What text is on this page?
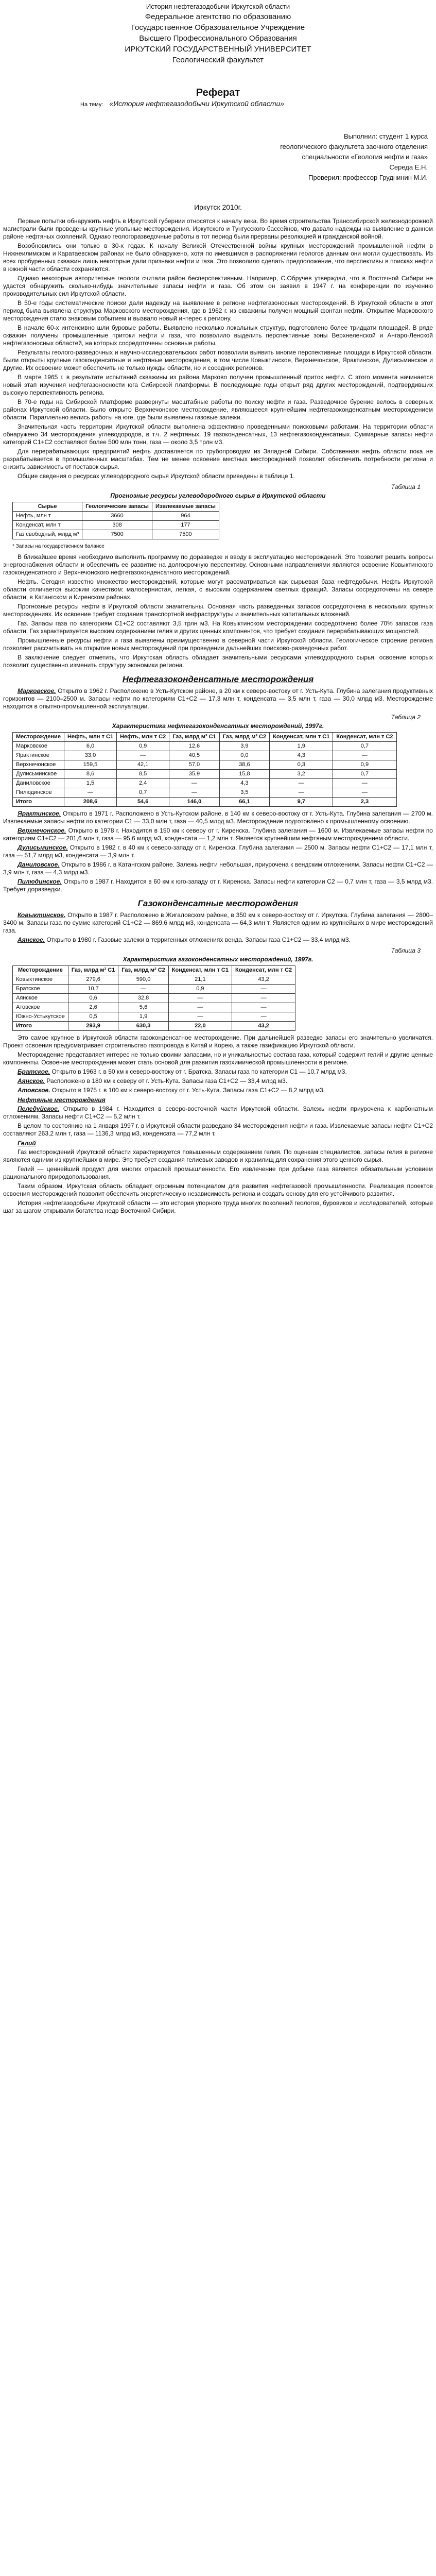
История нефтегазодобычи Иркутской области
Федеральное агентство по образованию
Государственное Образовательное Учреждение
Высшего Профессионального Образования
ИРКУТСКИЙ ГОСУДАРСТВЕННЫЙ УНИВЕРСИТЕТ
Геологический факультет
Реферат
На тему: «История нефтегазодобычи Иркутской области»
Выполнил: студент 1 курса
геологического факультета заочного отделения
специальности «Геология нефти и газа»
Середа Е.Н.
Проверил: профессор Груднинин М.И.
Иркутск 2010г.

Первые попытки обнаружить нефть в Иркутской губернии относятся к началу века. Во время строительства Транссибирской железнодорожной магистрали были проведены крупные угольные месторождения. Иркутского и Тунгусского бассейнов, что давало надежды на выявление в данном районе нефтяных скоплений. Однако геологоразведочные работы в тот период были прерваны революцией и гражданской войной.

Возобновились они только в 30-х годах. К началу Великой Отечественной войны крупных месторождений промышленной нефти в Нижнеилимском и Каратаевском районах не было обнаружено, хотя по имевшимся в распоряжении геологов данным они могли существовать. Из всех пробуренных скважин лишь некоторые дали признаки нефти и газа. Это позволило сделать предположение, что перспективы в поисках нефти в южной части области сохраняются.

Однако некоторые авторитетные геологи считали район бесперспективным. Например, С.Обручев утверждал, что в Восточной Сибири не удастся обнаружить сколько-нибудь значительные запасы нефти и газа. Об этом он заявил в 1947 г. на конференции по изучению производительных сил Иркутской области.

В 50-е годы систематические поиски дали надежду на выявление в регионе нефтегазоносных месторождений. В Иркутской области в этот период была выявлена структура Марковского месторождения, где в 1962 г. из скважины получен мощный фонтан нефти. Открытие Марковского месторождения стало знаковым событием и вызвало новый интерес к региону.

В начале 60-х интенсивно шли буровые работы. Выявлено несколько локальных структур, подготовлено более тридцати площадей. В ряде скважин получены промышленные притоки нефти и газа, что позволило выделить перспективные зоны Верхнеленской и Ангаро-Ленской нефтегазоносных областей, на которых сосредоточены основные работы.

Результаты геолого-разведочных и научно-исследовательских работ позволили выявить многие перспективные площади в Иркутской области. Были открыты крупные газоконденсатные и нефтяные месторождения, в том числе Ковыктинское, Верхнечонское, Ярактинское, Дулисьминское и другие. Их освоение может обеспечить не только нужды области, но и соседних регионов.

В марте 1965 г. в результате испытаний скважины из района Марково получен промышленный приток нефти. С этого момента начинается новый этап изучения нефтегазоносности юга Сибирской платформы. В последующие годы открыт ряд других месторождений, подтвердивших высокую перспективность региона.

В 70-е годы на Сибирской платформе развернуты масштабные работы по поиску нефти и газа. Разведочное бурение велось в северных районах Иркутской области. Было открыто Верхнечонское месторождение, являющееся крупнейшим нефтегазоконденсатным месторождением области. Параллельно велись работы на юге, где были выявлены газовые залежи.

Значительная часть территории Иркутской области выполнена эффективно проведенными поисковыми работами. На территории области обнаружено 34 месторождения углеводородов, в т.ч. 2 нефтяных, 19 газоконденсатных, 13 нефтегазоконденсатных. Суммарные запасы нефти категорий С1+С2 составляют более 500 млн тонн, газа — около 3,5 трлн м3.

Для перерабатывающих предприятий нефть доставляется по трубопроводам из Западной Сибири. Собственная нефть области пока не разрабатывается в промышленных масштабах. Тем не менее освоение местных месторождений позволит обеспечить потребности региона и снизить зависимость от поставок сырья.

Общие сведения о ресурсах углеводородного сырья Иркутской области приведены в таблице 1.

Таблица 1
Прогнозные ресурсы углеводородного сырья в Иркутской области
Сырье	Геологические запасы	Извлекаемые запасы
Нефть, млн т	3660	964
Конденсат, млн т	308	177
Газ свободный, млрд м³	7500	7500
* Запасы на государственном балансе

В ближайшее время необходимо выполнить программу по доразведке и вводу в эксплуатацию месторождений. Это позволит решить вопросы энергоснабжения области и обеспечить ее развитие на долгосрочную перспективу. Основными направлениями являются освоение Ковыктинского газоконденсатного и Верхнечонского нефтегазоконденсатного месторождений.

Нефть. Сегодня известно множество месторождений, которые могут рассматриваться как сырьевая база нефтедобычи. Нефть Иркутской области отличается высоким качеством: малосернистая, легкая, с высоким содержанием светлых фракций. Запасы сосредоточены на севере области, в Катангском и Киренском районах.

Прогнозные ресурсы нефти в Иркутской области значительны. Основная часть разведанных запасов сосредоточена в нескольких крупных месторождениях. Их освоение требует создания транспортной инфраструктуры и значительных капитальных вложений.

Газ. Запасы газа по категориям С1+С2 составляют 3,5 трлн м3. На Ковыктинском месторождении сосредоточено более 70% запасов газа области. Газ характеризуется высоким содержанием гелия и других ценных компонентов, что требует создания перерабатывающих мощностей.

Промышленные ресурсы нефти и газа выявлены преимущественно в северной части Иркутской области. Геологическое строение региона позволяет рассчитывать на открытие новых месторождений при проведении дальнейших поисково-разведочных работ.

В заключение следует отметить, что Иркутская область обладает значительными ресурсами углеводородного сырья, освоение которых позволит существенно изменить структуру экономики региона.

Нефтегазоконденсатные месторождения
Марковское. Открыто в 1962 г. Расположено в Усть-Кутском районе, в 20 км к северо-востоку от г. Усть-Кута. Глубина залегания продуктивных горизонтов — 2100–2500 м. Запасы нефти по категориям С1+С2 — 17,3 млн т, конденсата — 3,5 млн т, газа — 30,0 млрд м3. Месторождение находится в опытно-промышленной эксплуатации.
Таблица 2
Характеристика нефтегазоконденсатных месторождений, 1997г.
Месторождение	Нефть, млн т С1	Нефть, млн т С2	Газ, млрд м³ С1	Газ, млрд м³ С2	Конденсат, млн т С1	Конденсат, млн т С2
Марковское	6,0	0,9	12,6	3,9	1,9	0,7
Ярактинское	33,0	—	40,5	0,0	4,3	—
Верхнечонское	159,5	42,1	57,0	38,6	0,3	0,9
Дулисьминское	8,6	8,5	35,9	15,8	3,2	0,7
Даниловское	1,5	2,4	—	4,3	—	—
Пилюдинское	—	0,7	—	3,5	—	—
Итого	208,6	54,6	146,0	66,1	9,7	2,3
Ярактинское. Открыто в 1971 г. Расположено в Усть-Кутском районе, в 140 км к северо-востоку от г. Усть-Кута. Глубина залегания — 2700 м. Извлекаемые запасы нефти по категории С1 — 33,0 млн т, газа — 40,5 млрд м3. Месторождение подготовлено к промышленному освоению.
Верхнечонское. Открыто в 1978 г. Находится в 150 км к северу от г. Киренска. Глубина залегания — 1600 м. Извлекаемые запасы нефти по категориям С1+С2 — 201,6 млн т, газа — 95,6 млрд м3, конденсата — 1,2 млн т. Является крупнейшим нефтяным месторождением области.
Дулисьминское. Открыто в 1982 г. в 40 км к северо-западу от г. Киренска. Глубина залегания — 2500 м. Запасы нефти С1+С2 — 17,1 млн т, газа — 51,7 млрд м3, конденсата — 3,9 млн т.
Даниловское. Открыто в 1986 г. в Катангском районе. Залежь нефти небольшая, приурочена к вендским отложениям. Запасы нефти С1+С2 — 3,9 млн т, газа — 4,3 млрд м3.
Пилюдинское. Открыто в 1987 г. Находится в 60 км к юго-западу от г. Киренска. Запасы нефти категории С2 — 0,7 млн т, газа — 3,5 млрд м3. Требует доразведки.
Газоконденсатные месторождения
Ковыктинское. Открыто в 1987 г. Расположено в Жигаловском районе, в 350 км к северо-востоку от г. Иркутска. Глубина залегания — 2800–3400 м. Запасы газа по сумме категорий С1+С2 — 869,6 млрд м3, конденсата — 64,3 млн т. Является одним из крупнейших в мире месторождений газа.
Аянское. Открыто в 1980 г. Газовые залежи в терригенных отложениях венда. Запасы газа С1+С2 — 33,4 млрд м3.
Таблица 3
Характеристика газоконденсатных месторождений, 1997г.
Месторождение	Газ, млрд м³ С1	Газ, млрд м³ С2	Конденсат, млн т С1	Конденсат, млн т С2
Ковыктинское	279,6	590,0	21,1	43,2
Братское	10,7	—	0,9	—
Аянское	0,6	32,8	—	—
Атовское	2,6	5,6	—	—
Южно-Устькутское	0,5	1,9	—	—
Итого	293,9	630,3	22,0	43,2

Это самое крупное в Иркутской области газоконденсатное месторождение. При дальнейшей разведке запасы его значительно увеличатся. Проект освоения предусматривает строительство газопровода в Китай и Корею, а также газификацию Иркутской области.

Месторождение представляет интерес не только своими запасами, но и уникальностью состава газа, который содержит гелий и другие ценные компоненты. Освоение месторождения может стать основой для развития газохимической промышленности в регионе.

Братское. Открыто в 1963 г. в 50 км к северо-востоку от г. Братска. Запасы газа по категории С1 — 10,7 млрд м3.
Аянское. Расположено в 180 км к северу от г. Усть-Кута. Запасы газа С1+С2 — 33,4 млрд м3.
Атовское. Открыто в 1975 г. в 100 км к северо-востоку от г. Усть-Кута. Запасы газа С1+С2 — 8,2 млрд м3.
Нефтяные месторождения
Пеледуйское. Открыто в 1984 г. Находится в северо-восточной части Иркутской области. Залежь нефти приурочена к карбонатным отложениям. Запасы нефти С1+С2 — 5,2 млн т.

В целом по состоянию на 1 января 1997 г. в Иркутской области разведано 34 месторождения нефти и газа. Извлекаемые запасы нефти С1+С2 составляют 263,2 млн т, газа — 1136,3 млрд м3, конденсата — 77,2 млн т.

Гелий

Газ месторождений Иркутской области характеризуется повышенным содержанием гелия. По оценкам специалистов, запасы гелия в регионе являются одними из крупнейших в мире. Это требует создания гелиевых заводов и хранилищ для сохранения этого ценного сырья.

Гелий — ценнейший продукт для многих отраслей промышленности. Его извлечение при добыче газа является обязательным условием рационального природопользования.

Таким образом, Иркутская область обладает огромным потенциалом для развития нефтегазовой промышленности. Реализация проектов освоения месторождений позволит обеспечить энергетическую независимость региона и создать основу для его устойчивого развития.

История нефтегазодобычи Иркутской области — это история упорного труда многих поколений геологов, буровиков и исследователей, которые шаг за шагом открывали богатства недр Восточной Сибири.
